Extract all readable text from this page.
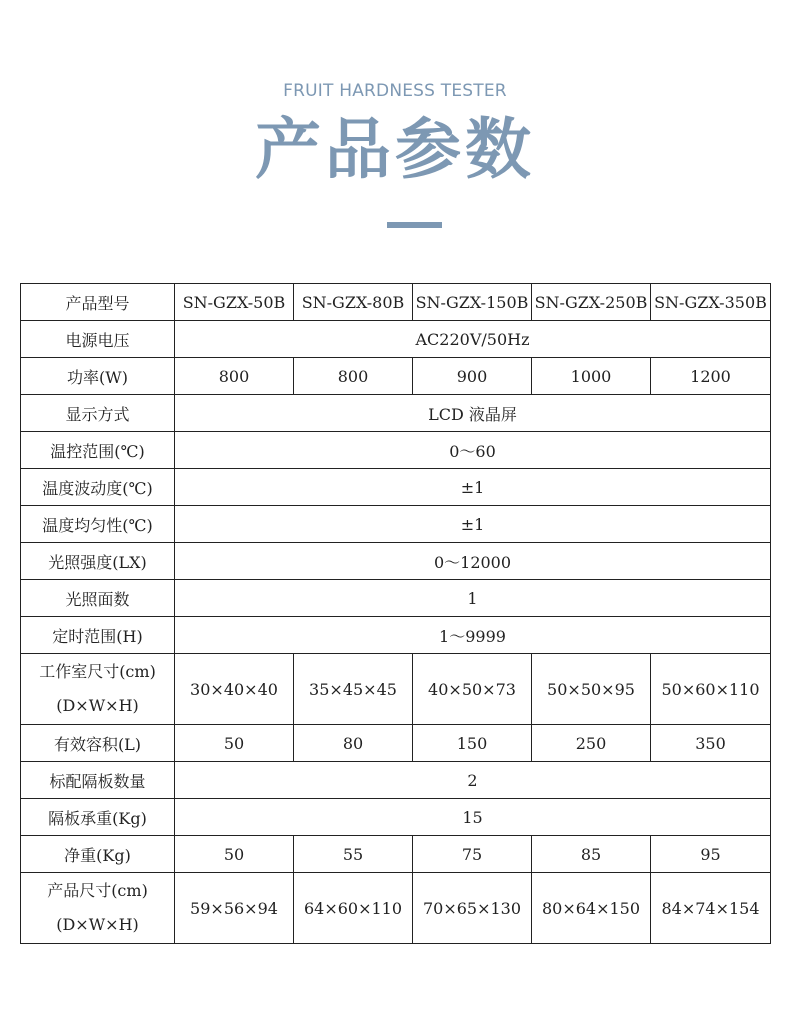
FRUIT HARDNESS TESTER
产品参数
产品型号	SN-GZX-50B	SN-GZX-80B	SN-GZX-150B	SN-GZX-250B	SN-GZX-350B
电源电压	AC220V/50Hz				
功率(W)	800	800	900	1000	1200
显示方式	LCD 液晶屏				
温控范围(℃)	0～60				
温度波动度(℃)	±1				
温度均匀性(℃)	±1				
光照强度(LX)	0～12000				
光照面数	1				
定时范围(H)	1～9999				

工作室尺寸(cm)
(D×W×H)	30×40×40	35×45×45	40×50×73	50×50×95	50×60×110
有效容积(L)	50	80	150	250	350
标配隔板数量	2				
隔板承重(Kg)	15				
净重(Kg)	50	55	75	85	95

产品尺寸(cm)
(D×W×H)	59×56×94	64×60×110	70×65×130	80×64×150	84×74×154
